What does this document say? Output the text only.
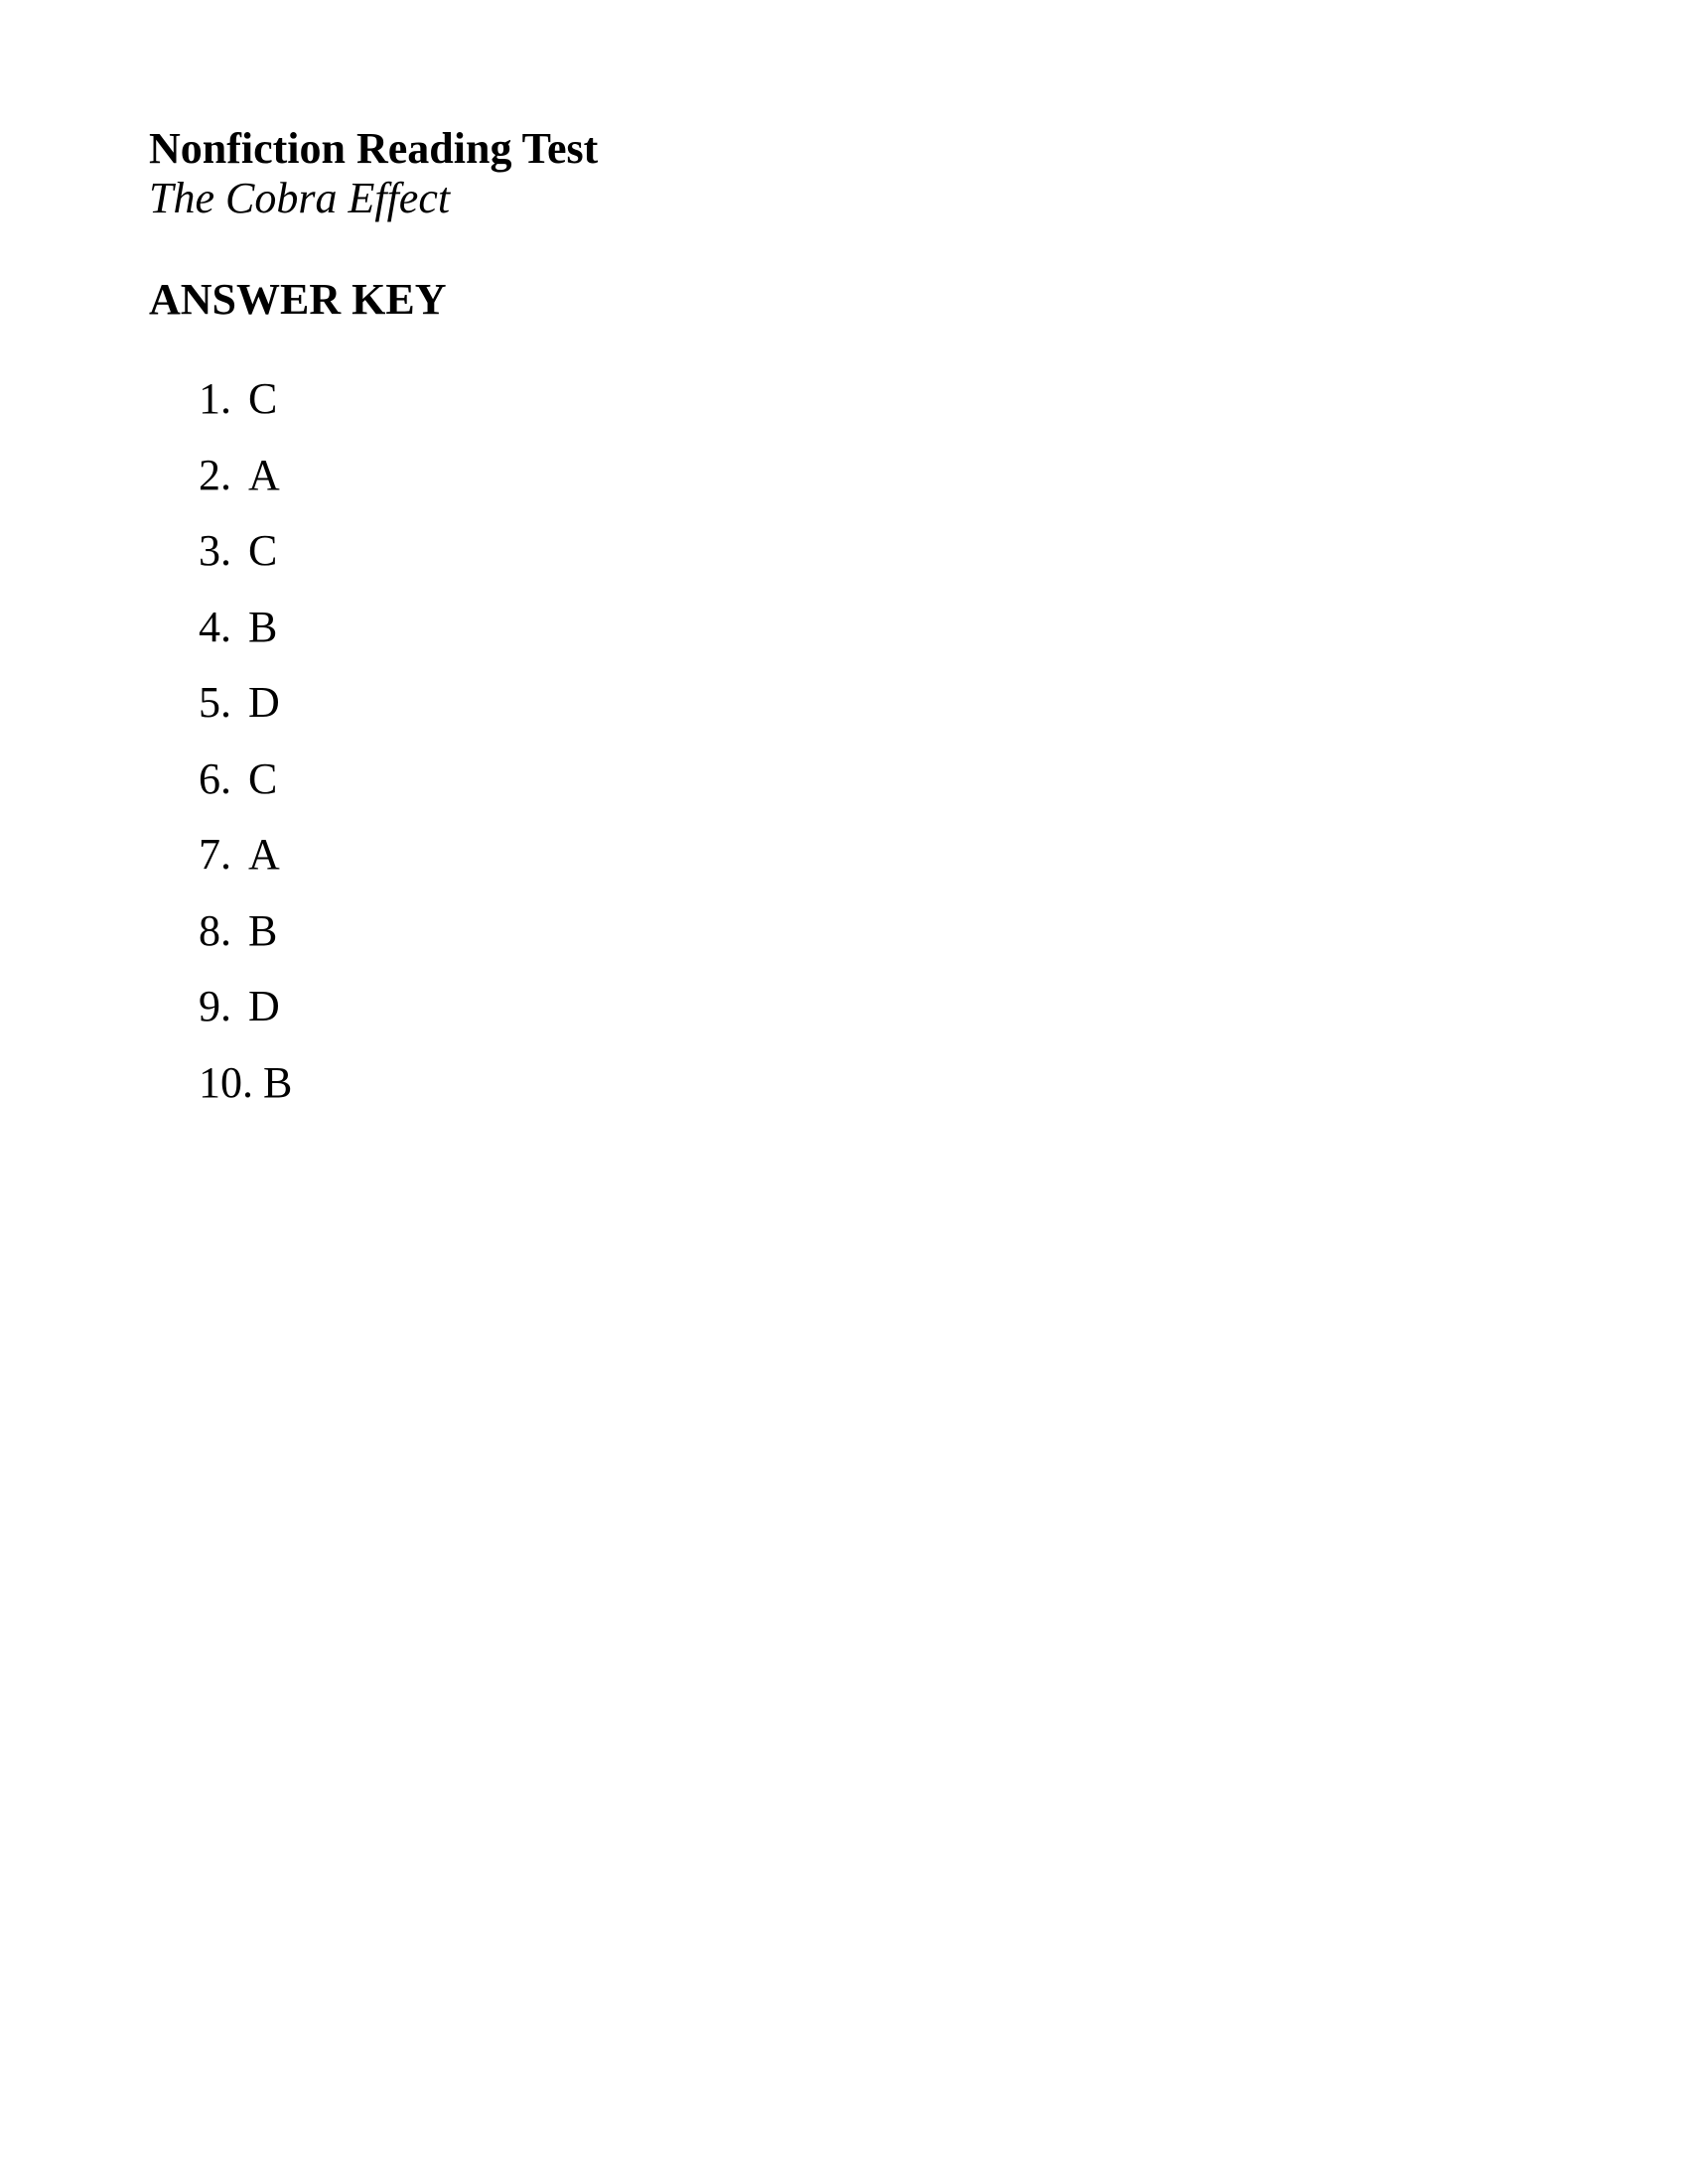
Nonfiction Reading Test

The Cobra Effect

ANSWER KEY

1. C
2. A
3. C
4. B
5. D
6. C
7. A
8. B
9. D
10. B
